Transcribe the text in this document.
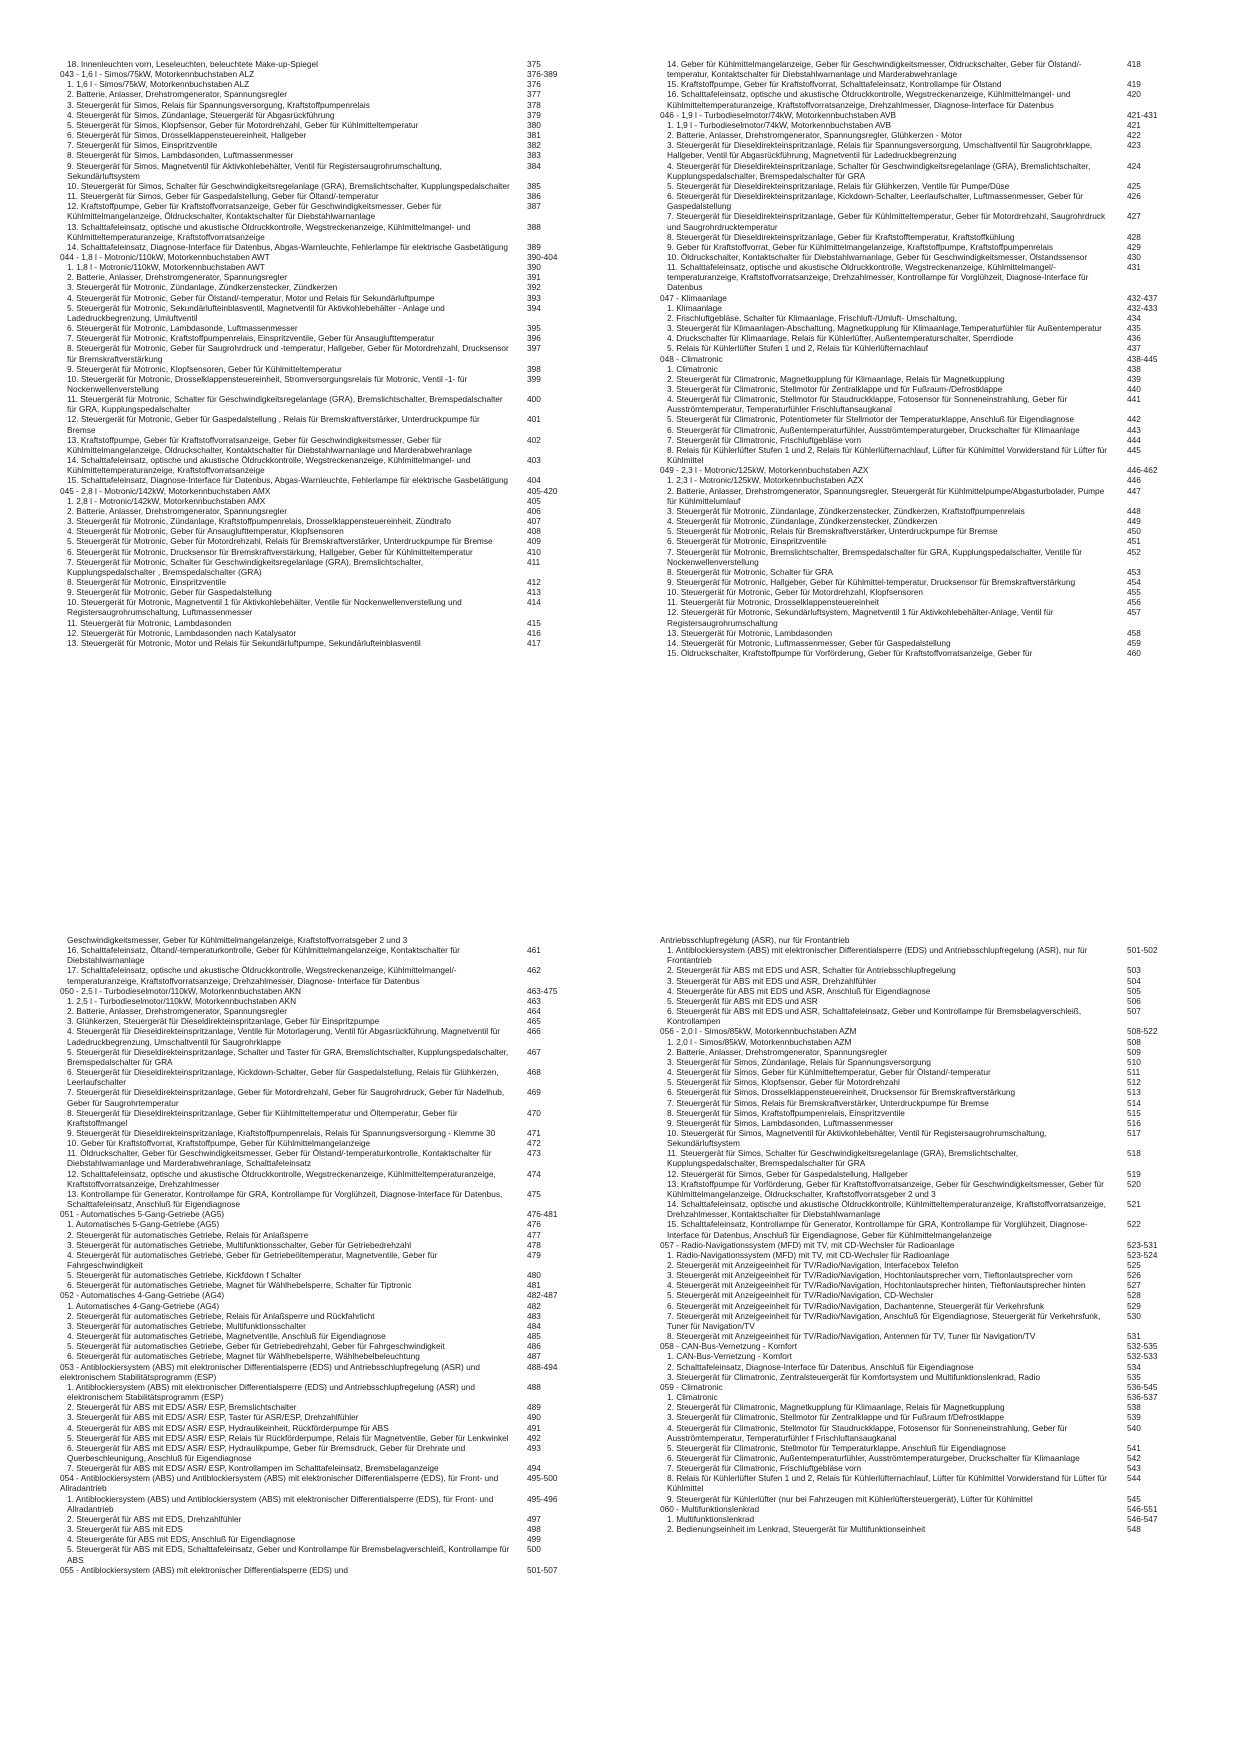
18. Innenleuchten vorn, Leseleuchten, beleuchtete Make-up-Spiegel	375
043 - 1,6 l - Simos/75kW, Motorkennbuchstaben ALZ	376-389
1. 1,6 l - Simos/75kW, Motorkennbuchstaben ALZ	376
2. Batterie, Anlasser, Drehstromgenerator, Spannungsregler	377
3. Steuergerät für Simos, Relais für Spannungsversorgung, Kraftstoffpumpenrelais	378
4. Steuergerät für Simos, Zündanlage, Steuergerät für Abgasrückführung	379
5. Steuergerät für Simos, Klopfsensor, Geber für Motordrehzahl, Geber für Kühlmitteltemperatur	380
6. Steuergerät für Simos, Drosselklappensteuereinheit, Hallgeber	381
7. Steuergerät für Simos, Einspritzventile	382
8. Steuergerät für Simos, Lambdasonden, Luftmassenmesser	383
9. Steuergerät für Simos, Magnetventil für Aktivkohlebehälter, Ventil für Registersaugrohrumschaltung, Sekundärluftsystem
384
10. Steuergerät für Simos, Schalter für Geschwindigkeitsregelanlage (GRA), Bremslichtschalter, Kupplungspedalschalter 385
11. Steuergerät für Simos, Geber für Gaspedalstellung, Geber für Öltand/-temperatur	386
12. Kraftstoffpumpe, Geber für Kraftstoffvorratsanzeige, Geber für Geschwindigkeitsmesser, Geber für Kühlmittelmangelanzeige, Öldruckschalter, Kontaktschalter für Diebstahlwarnanlage
387
13. Schalttafeleinsatz, optische und akustische Öldruckkontrolle, Wegstreckenanzeige, Kühlmittelmangel- und Kühlmitteltemperaturanzeige, Kraftstoffvorratsanzeige
388
14. Schalttafeleinsatz, Diagnose-Interface für Datenbus, Abgas-Warnleuchte, Fehlerlampe für elektrische Gasbetätigung 389
044 - 1,8 l - Motronic/110kW, Motorkennbuchstaben AWT	390-404
1. 1,8 l - Motronic/110kW, Motorkennbuchstaben AWT	390
2. Batterie, Anlasser, Drehstromgenerator, Spannungsregler	391
3. Steuergerät für Motronic, Zündanlage, Zündkerzenstecker, Zündkerzen	392
4. Steuergerät für Motronic, Geber für Ölstand/-temperatur, Motor und Relais für Sekundärluftpumpe	393
5. Steuergerät für Motronic, Sekundärlufteinblasventil, Magnetventil für Aktivkohlebehälter - Anlage und Ladedruckbegrenzung, Umluftventil
394
6. Steuergerät für Motronic, Lambdasonde, Luftmassenmesser	395
7. Steuergerät für Motronic, Kraftstoffpumpenrelais, Einspritzventile, Geber für Ansauglufttemperatur	396
8. Steuergerät für Motronic, Geber für Saugrohrdruck und -temperatur, Hallgeber, Geber für Motordrehzahl, Drucksensor für Bremskraftverstärkung
397
9. Steuergerät für Motronic, Klopfsensoren, Geber für Kühlmitteltemperatur	398
10. Steuergerät für Motronic, Drosselklappensteuereinheit, Stromversorgungsrelais für Motronic, Ventil -1- für Nockenwellenverstellung
399
11. Steuergerät für Motronic, Schalter für Geschwindigkeitsregelanlage (GRA), Bremslichtschalter, Bremspedalschalter für GRA, Kupplungspedalschalter
400
12. Steuergerät für Motronic, Geber für Gaspedalstellung , Relais für Bremskraftverstärker, Unterdruckpumpe für Bremse
401
13. Kraftstoffpumpe, Geber für Kraftstoffvorratsanzeige, Geber für Geschwindigkeitsmesser, Geber für Kühlmittelmangelanzeige, Öldruckschalter, Kontaktschalter für Diebstahlwarnanlage und Marderabwehranlage
402
14. Schalttafeleinsatz, optische und akustische Öldruckkontrolle, Wegstreckenanzeige, Kühlmittelmangel- und Kühlmitteltemperaturanzeige, Kraftstoffvorratsanzeige
403
15. Schalttafeleinsatz, Diagnose-Interface für Datenbus, Abgas-Warnleuchte, Fehlerlampe für elektrische Gasbetätigung 404
045 - 2,8 l - Motronic/142kW, Motorkennbuchstaben AMX	405-420
1. 2,8 l - Motronic/142kW, Motorkennbuchstaben AMX	405
2. Batterie, Anlasser, Drehstromgenerator, Spannungsregler	406
3. Steuergerät für Motronic, Zündanlage, Kraftstoffpumpenrelais, Drosselklappensteuereinheit, Zündtrafo	407
4. Steuergerät für Motronic, Geber für Ansauglufttemperatur, Klopfsensoren	408
5. Steuergerät für Motronic, Geber für Motordrehzahl, Relais für Bremskraftverstärker, Unterdruckpumpe für Bremse	409
6. Steuergerät für Motronic, Drucksensor für Bremskraftverstärkung, Hallgeber, Geber für Kühlmitteltemperatur	410
7. Steuergerät für Motronic, Schalter für Geschwindigkeitsregelanlage (GRA), Bremslichtschalter, Kupplungspedalschalter , Bremspedalschalter (GRA)
411
8. Steuergerät für Motronic, Einspritzventile	412
9. Steuergerät für Motronic, Geber für Gaspedalstellung	413
10. Steuergerät für Motronic, Magnetventil 1 für Aktivkohlebehälter, Ventile für Nockenwellenverstellung und Registersaugrohrumschaltung, Luftmassenmesser
414
11. Steuergerät für Motronic, Lambdasonden	415
12. Steuergerät für Motronic, Lambdasonden nach Katalysator	416
13. Steuergerät für Motronic, Motor und Relais für Sekundärluftpumpe, Sekundärlufteinblasventil	417
14. Geber für Kühlmittelmangelanzeige, Geber für Geschwindigkeitsmesser, Öldruckschalter, Geber für Ölstand/-temperatur, Kontaktschalter für Diebstahlwarnanlage und Marderabwehranlage
418
15. Kraftstoffpumpe, Geber für Kraftstoffvorrat, Schalttafeleinsatz, Kontrollampe für Ölstand	419
16. Schalttafeleinsatz, optische und akustische Öldruckkontrolle, Wegstreckenanzeige, Kühlmittelmangel- und Kühlmitteltemperaturanzeige, Kraftstoffvorratsanzeige, Drehzahlmesser, Diagnose-Interface für Datenbus
420
046 - 1,9 l - Turbodieselmotor/74kW, Motorkennbuchstaben AVB	421-431
1. 1,9 l - Turbodieselmotor/74kW, Motorkennbuchstaben AVB	421
2. Batterie, Anlasser, Drehstromgenerator, Spannungsregler, Glühkerzen - Motor	422
3. Steuergerät für Dieseldirekteinspritzanlage, Relais für Spannungsversorgung, Umschaltventil für Saugrohrklappe, Hallgeber, Ventil für Abgasrückführung, Magnetventil für Ladedruckbegrenzung
423
4. Steuergerät für Dieseldirekteinspritzanlage, Schalter für Geschwindigkeitsregelanlage (GRA), Bremslichtschalter, Kupplungspedalschalter, Bremspedalschalter für GRA
424
5. Steuergerät für Dieseldirekteinspritzanlage, Relais für Glühkerzen, Ventile für Pumpe/Düse	425
6. Steuergerät für Dieseldirekteinspritzanlage, Kickdown-Schalter, Leerlaufschalter, Luftmassenmesser, Geber für Gaspedalstellung
426
7. Steuergerät für Dieseldirekteinspritzanlage, Geber für Kühlmitteltemperatur, Geber für Motordrehzahl, Saugrohrdruck und Saugrohrdrucktemperatur
427
8. Steuergerät für Dieseldirekteinspritzanlage, Geber für Kraftstofftemperatur, Kraftstoffkühlung	428
9. Geber für Kraftstoffvorrat, Geber für Kühlmittelmangelanzeige, Kraftstoffpumpe, Kraftstoffpumpenrelais	429
10. Öldruckschalter, Kontaktschalter für Diebstahlwarnanlage, Geber für Geschwindigkeitsmesser, Ölstandssensor	430
11. Schalttafeleinsatz, optische und akustische Öldruckkontrolle, Wegstreckenanzeige, Kühlmittelmangel/-temperaturanzeige, Kraftstoffvorratsanzeige, Drehzahlmesser, Kontrollampe für Vorglühzeit, Diagnose-Interface für Datenbus
431
047 - Klimaanlage	432-437
1. Klimaanlage	432-433
2. Frischluftgebläse, Schalter für Klimaanlage, Frischluft-/Umluft- Umschaltung,	434
3. Steuergerät für Klimaanlagen-Abschaltung, Magnetkupplung für Klimaanlage,Temperaturfühler für Außentemperatur	435
4. Druckschalter für Klimaanlage, Relais für Kühlerlüfter, Außentemperaturschalter, Sperrdiode	436
5. Relais für Kühlerlüfter Stufen 1 und 2, Relais für Kühlerlüfternachlauf	437
048 - Climatronic	438-445
1. Climatronic	438
2. Steuergerät für Climatronic, Magnetkupplung für Klimaanlage, Relais für Magnetkupplung	439
3. Steuergerät für Climatronic, Stellmotor für Zentralklappe und für Fußraum-/Defrostklappe	440
4. Steuergerät für Climatronic, Stellmotor für Staudruckklappe, Fotosensor für Sonneneinstrahlung, Geber für Ausströmtemperatur, Temperaturfühler Frischluftansaugkanal
441
5. Steuergerät für Climatronic, Potentiometer für Stellmotor der Temperaturklappe, Anschluß für Eigendiagnose	442
6. Steuergerät für Climatronic, Außentemperaturfühler, Ausströmtemperaturgeber, Druckschalter für Klimaanlage	443
7. Steuergerät für Climatronic, Frischluftgebläse vorn	444
8. Relais für Kühlerlüfter Stufen 1 und 2, Relais für Kühlerlüfternachlauf, Lüfter für Kühlmittel Vorwiderstand für Lüfter für Kühlmittel
445
049 - 2,3 l - Motronic/125kW, Motorkennbuchstaben AZX	446-462
1. 2,3 l - Motronic/125kW, Motorkennbuchstaben AZX	446
2. Batterie, Anlasser, Drehstromgenerator, Spannungsregler, Steuergerät für Kühlmittelpumpe/Abgasturbolader, Pumpe für Kühlmittelumlauf
447
3. Steuergerät für Motronic, Zündanlage, Zündkerzenstecker, Zündkerzen, Kraftstoffpumpenrelais	448
4. Steuergerät für Motronic, Zündanlage, Zündkerzenstecker, Zündkerzen	449
5. Steuergerät für Motronic, Relais für Bremskraftverstärker, Unterdruckpumpe für Bremse	450
6. Steuergerät für Motronic, Einspritzventile	451
7. Steuergerät für Motronic, Bremslichtschalter, Bremspedalschalter für GRA, Kupplungspedalschalter, Ventile für Nockenwellenverstellung
452
8. Steuergerät für Motronic, Schalter für GRA	453
9. Steuergerät für Motronic, Hallgeber, Geber für Kühlmittel-temperatur, Drucksensor für Bremskraftverstärkung	454
10. Steuergerät für Motronic, Geber für Motordrehzahl, Klopfsensoren	455
11. Steuergerät für Motronic, Drosselklappensteuereinheit	456
12. Steuergerät für Motronic, Sekundärluftsystem, Magnetventil 1 für Aktivkohlebehälter-Anlage, Ventil für Registersaugrohrumschaltung
457
13. Steuergerät für Motronic, Lambdasonden	458
14. Steuergerät für Motronic, Luftmassenmesser, Geber für Gaspedalstellung	459
15. Öldruckschalter, Kraftstoffpumpe für Vorförderung, Geber für Kraftstoffvorratsanzeige, Geber für	460
Geschwindigkeitsmesser, Geber für Kühlmittelmangelanzeige, Kraftstoffvorratsgeber 2 und 3
16. Schalttafeleinsatz, Öltand/-temperaturkontrolle, Geber für Kühlmittelmangelanzeige, Kontaktschalter für Diebstahlwarnanlage
461
17. Schalttafeleinsatz, optische und akustische Öldruckkontrolle, Wegstreckenanzeige, Kühlmittelmangel/-temperaturanzeige, Kraftstoffvorratsanzeige, Drehzahlmesser, Diagnose- Interface für Datenbus
462
050 - 2,5 l - Turbodieselmotor/110kW, Motorkennbuchstaben AKN	463-475
1. 2,5 l - Turbodieselmotor/110kW, Motorkennbuchstaben AKN	463
2. Batterie, Anlasser, Drehstromgenerator, Spannungsregler	464
3. Glühkerzen, Steuergerät für Dieseldirekteinspritzanlage, Geber für Einspritzpumpe	465
4. Steuergerät für Dieseldirekteinspritzanlage, Ventile für Motorlagerung, Ventil für Abgasrückführung, Magnetventil für Ladedruckbegrenzung, Umschaltventil für Saugrohrklappe
466
5. Steuergerät für Dieseldirekteinspritzanlage, Schalter und Taster für GRA, Bremslichtschalter, Kupplungspedalschalter, Bremspedalschalter für GRA
467
6. Steuergerät für Dieseldirekteinspritzanlage, Kickdown-Schalter, Geber für Gaspedalstellung, Relais für Glühkerzen, Leerlaufschalter
468
7. Steuergerät für Dieseldirekteinspritzanlage, Geber für Motordrehzahl, Geber für Saugrohrdruck, Geber für Nadelhub, Geber für Saugrohrtemperatur
469
8. Steuergerät für Dieseldirekteinspritzanlage, Geber für Kühlmitteltemperatur und Öltemperatur, Geber für Kraftstoffmangel
470
9. Steuergerät für Dieseldirekteinspritzanlage, Kraftstoffpumpenrelais, Relais für Spannungsversorgung - Klemme 30	471
10. Geber für Kraftstoffvorrat, Kraftstoffpumpe, Geber für Kühlmittelmangelanzeige	472
11. Öldruckschalter, Geber für Geschwindigkeitsmesser, Geber für Ölstand/-temperaturkontrolle, Kontaktschalter für Diebstahlwarnanlage und Marderabwehranlage, Schalttafeleinsatz
473
12. Schalttafeleinsatz, optische und akustische Öldruckkontrolle, Wegstreckenanzeige, Kühlmitteltemperaturanzeige, Kraftstoffvorratsanzeige, Drehzahlmesser
474
13. Kontrollampe für Generator, Kontrollampe für GRA, Kontrollampe für Vorglühzeit, Diagnose-Interface für Datenbus, Schalttafeleinsatz, Anschluß für Eigendiagnose
475
051 - Automatisches 5-Gang-Getriebe (AG5)	476-481
1. Automatisches 5-Gang-Getriebe (AG5)	476
2. Steuergerät für automatisches Getriebe, Relais für Anlaßsperre	477
3. Steuergerät für automatisches Getriebe, Multifunktionsschalter, Geber für Getriebedrehzahl	478
4. Steuergerät für automatisches Getriebe, Geber für Getriebeöltemperatur, Magnetventile, Geber für Fahrgeschwindigkeit
479
5. Steuergerät für automatisches Getriebe, Kickfdown f Schalter	480
6. Steuergerät für automatisches Getriebe, Magnet für Wählhebelsperre, Schalter für Tiptronic	481
052 - Automatisches 4-Gang-Getriebe (AG4)	482-487
1. Automatisches 4-Gang-Getriebe (AG4)	482
2. Steuergerät für automatisches Getriebe, Relais für Anlaßsperre und Rückfahrlicht	483
3. Steuergerät für automatisches Getriebe, Multifunktionsschalter	484
4. Steuergerät für automatisches Getriebe, Magnetventile, Anschluß für Eigendiagnose	485
5. Steuergerät für automatisches Getriebe, Geber für Getriebedrehzahl, Geber für Fahrgeschwindigkeit	486
6. Steuergerät für automatisches Getriebe, Magnet für Wählhebelsperre, Wählhebelbeleuchtung	487
053 - Antiblockiersystem (ABS) mit elektronischer Differentialsperre (EDS) und Antriebsschlupfregelung (ASR) und elektronischem Stabilitätsprogramm (ESP)
488-494
1. Antiblockiersystem (ABS) mit elektronischer Differentialsperre (EDS) und Antriebsschlupfregelung (ASR) und elektronischem Stabilitätsprogramm (ESP)
488
2. Steuergerät für ABS mit EDS/ ASR/ ESP, Bremslichtschalter	489
3. Steuergerät für ABS mit EDS/ ASR/ ESP, Taster für ASR/ESP, Drehzahlfühler	490
4. Steuergerät für ABS mit EDS/ ASR/ ESP, Hydraulikeinheit, Rückförderpumpe für ABS	491
5. Steuergerät für ABS mit EDS/ ASR/ ESP, Relais für Rückförderpumpe, Relais für Magnetventile, Geber für Lenkwinkel 492
6. Steuergerät für ABS mit EDS/ ASR/ ESP, Hydraulikpumpe, Geber für Bremsdruck, Geber für Drehrate und Querbeschleunigung, Anschluß für Eigendiagnose
493
7. Steuergerät für ABS mit EDS/ ASR/ ESP, Kontrollampen im Schalttafeleinsatz, Bremsbelaganzeige	494
054 - Antiblockiersystem (ABS) und Antiblockiersystem (ABS) mit elektronischer Differentialsperre (EDS), für Front- und Allradantrieb
495-500
1. Antiblockiersystem (ABS) und Antiblockiersystem (ABS) mit elektronischer Differentialsperre (EDS), für Front- und Allradantrieb
495-496
2. Steuergerät für ABS mit EDS, Drehzahlfühler	497
3. Steuergerät für ABS mit EDS	498
4. Steuergeräte für ABS mit EDS, Anschluß für Eigendiagnose	499
5. Steuergerät für ABS mit EDS, Schalttafeleinsatz, Geber und Kontrollampe für Bremsbelagverschleiß, Kontrollampe für ABS
500
055 - Antiblockiersystem (ABS) mit elektronischer Differentialsperre (EDS) und	501-507
Antriebsschlupfregelung (ASR), nur für Frontantrieb
1. Antiblockiersystem (ABS) mit elektronischer Differentialsperre (EDS) und Antriebsschlupfregelung (ASR), nur für Frontantrieb
501-502
2. Steuergerät für ABS mit EDS und ASR, Schalter für Antriebsschlupfregelung	503
3. Steuergerät für ABS mit EDS und ASR, Drehzahlfühler	504
4. Steuergeräte für ABS mit EDS und ASR, Anschluß für Eigendiagnose	505
5. Steuergerät für ABS mit EDS und ASR	506
6. Steuergerät für ABS mit EDS und ASR, Schalttafeleinsatz, Geber und Kontrollampe für Bremsbelagverschleiß, Kontrollampen
507
056 - 2,0 l - Simos/85kW, Motorkennbuchstaben AZM	508-522
1. 2,0 l - Simos/85kW, Motorkennbuchstaben AZM	508
2. Batterie, Anlasser, Drehstromgenerator, Spannungsregler	509
3. Steuergerät für Simos, Zündanlage, Relais für Spannungsversorgung	510
4. Steuergerät für Simos, Geber für Kühlmitteltemperatur, Geber für Ölstand/-temperatur	511
5. Steuergerät für Simos, Klopfsensor, Geber für Motordrehzahl	512
6. Steuergerät für Simos, Drosselklappensteuereinheit, Drucksensor für Bremskraftverstärkung	513
7. Steuergerät für Simos, Relais für Bremskraftverstärker, Unterdruckpumpe für Bremse	514
8. Steuergerät für Simos, Kraftstoffpumpenrelais, Einspritzventile	515
9. Steuergerät für Simos, Lambdasonden, Luftmassenmesser	516
10. Steuergerät für Simos, Magnetventil für Aktivkohlebehälter, Ventil für Registersaugrohrumschaltung, Sekundärluftsystem
517
11. Steuergerät für Simos, Schalter für Geschwindigkeitsregelanlage (GRA), Bremslichtschalter, Kupplungspedalschalter, Bremspedalschalter für GRA
518
12. Steuergerät für Simos, Geber für Gaspedalstellung, Hallgeber	519
13. Kraftstoffpumpe für Vorförderung, Geber für Kraftstoffvorratsanzeige, Geber für Geschwindigkeitsmesser, Geber für Kühlmittelmangelanzeige, Öldruckschalter, Kraftstoffvorratsgeber 2 und 3
520
14. Schalttafeleinsatz, optische und akustische Öldruckkontrolle, Kühlmitteltemperaturanzeige, Kraftstoffvorratsanzeige, Drehzahlmesser, Kontaktschalter für Diebstahlwarnanlage
521
15. Schalttafeleinsatz, Kontrollampe für Generator, Kontrollampe für GRA, Kontrollampe für Vorglühzeit, Diagnose-Interface für Datenbus, Anschluß für Eigendiagnose, Geber für Kühlmittelmangelanzeige
522
057 - Radio-Navigationssystem (MFD) mit TV, mit CD-Wechsler für Radioanlage	523-531
1. Radio-Navigationssystem (MFD) mit TV, mit CD-Wechsler für Radioanlage	523-524
2. Steuergerät mit Anzeigeeinheit für TV/Radio/Navigation, Interfacebox Telefon	525
3. Steuergerät mit Anzeigeeinheit für TV/Radio/Navigation, Hochtonlautsprecher vorn, Tieftonlautsprecher vorn	526
4. Steuergerät mit Anzeigeeinheit für TV/Radio/Navigation, Hochtonlautsprecher hinten, Tieftonlautsprecher hinten	527
5. Steuergerät mit Anzeigeeinheit für TV/Radio/Navigation, CD-Wechsler	528
6. Steuergerät mit Anzeigeeinheit für TV/Radio/Navigation, Dachantenne, Steuergerät für Verkehrsfunk	529
7. Steuergerät mit Anzeigeeinheit für TV/Radio/Navigation, Anschluß für Eigendiagnose, Steuergerät für Verkehrsfunk, Tuner für Navigation/TV
530
8. Steuergerät mit Anzeigeeinheit für TV/Radio/Navigation, Antennen für TV, Tuner für Navigation/TV	531
058 - CAN-Bus-Vernetzung - Komfort	532-535
1. CAN-Bus-Vernetzung - Komfort	532-533
2. Schalttafeleinsatz, Diagnose-Interface für Datenbus, Anschluß für Eigendiagnose	534
3. Steuergerät für Climatronic, Zentralsteuergerät für Komfortsystem und Multifunktionslenkrad, Radio	535
059 - Climatronic	536-545
1. Climatronic	536-537
2. Steuergerät für Climatronic, Magnetkupplung für Klimaanlage, Relais für Magnetkupplung	538
3. Steuergerät für Climatronic, Stellmotor für Zentralklappe und für Fußraum f/Defrostklappe	539
4. Steuergerät für Climatronic, Stellmotor für Staudruckklappe, Fotosensor für Sonneneinstrahlung, Geber für Ausströmtemperatur, Temperaturfühler f Frischluftansaugkanal
540
5. Steuergerät für Climatronic, Stellmotor für Temperaturklappe, Anschluß für Eigendiagnose	541
6. Steuergerät für Climatronic, Außentemperaturfühler, Ausströmtemperaturgeber, Druckschalter für Klimaanlage	542
7. Steuergerät für Climatronic, Frischluftgebläse vorn	543
8. Relais für Kühlerlüfter Stufen 1 und 2, Relais für Kühlerlüfternachlauf, Lüfter für Kühlmittel Vorwiderstand für Lüfter für Kühlmittel
544
9. Steuergerät für Kühlerlüfter (nur bei Fahrzeugen mit Kühlerlüftersteuergerät), Lüfter für Kühlmittel	545
060 - Multifunktionslenkrad	546-551
1. Multifunktionslenkrad	546-547
2. Bedienungseinheit im Lenkrad, Steuergerät für Multifunktionseinheit	548
